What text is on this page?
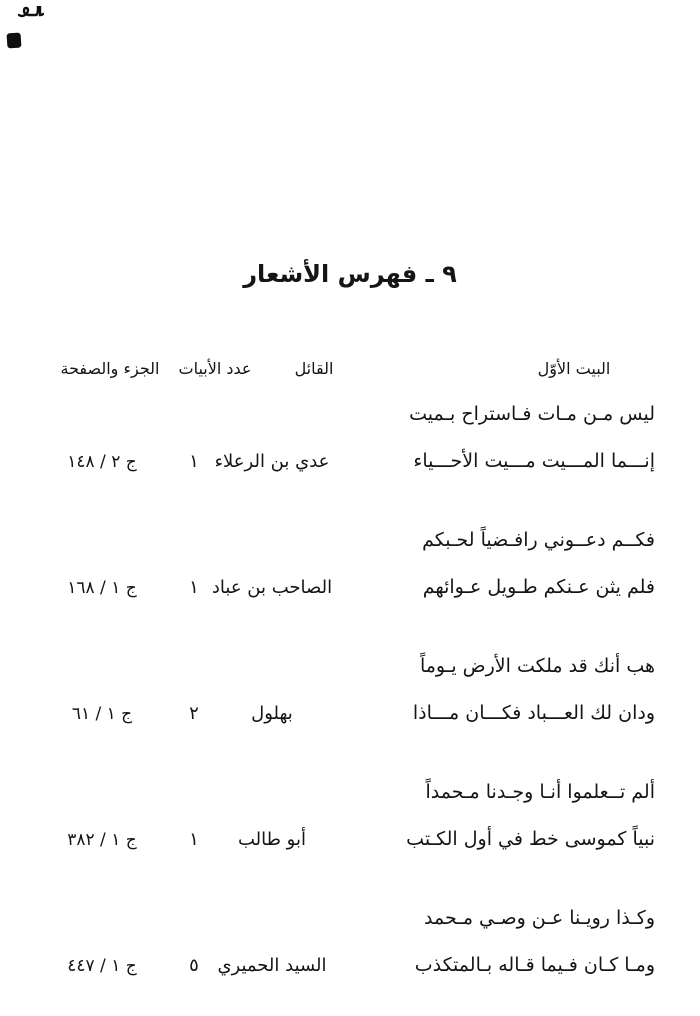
٩ ـ فهرس الأشعار
البيت الأوّل
القائل
عدد الأبيات
الجزء والصفحة
ليس مـن مـات فـاستراح بـميت
إنـــما المـــيت مـــيت الأحـــياء
عدي بن الرعلاء
١
ج ٢ / ١٤٨
فكــم دعــوني رافـضياً لحـبكم
فلم يثن عـنكم طـويل عـوائهم
الصاحب بن عباد
١
ج ١ / ١٦٨
هب أنك قد ملكت الأرض يـوماً
ودان لك العـــباد فكـــان مـــاذا
بهلول
٢
ج ١ / ٦١
ألم تــعلموا أنـا وجـدنا مـحمداً
نبياً كموسى خط في أول الكـتب
أبو طالب
١
ج ١ / ٣٨٢
وكـذا رويـنا عـن وصـي مـحمد
ومـا كـان فـيما قـاله بـالمتكذب
السيد الحميري
٥
ج ١ / ٤٤٧
